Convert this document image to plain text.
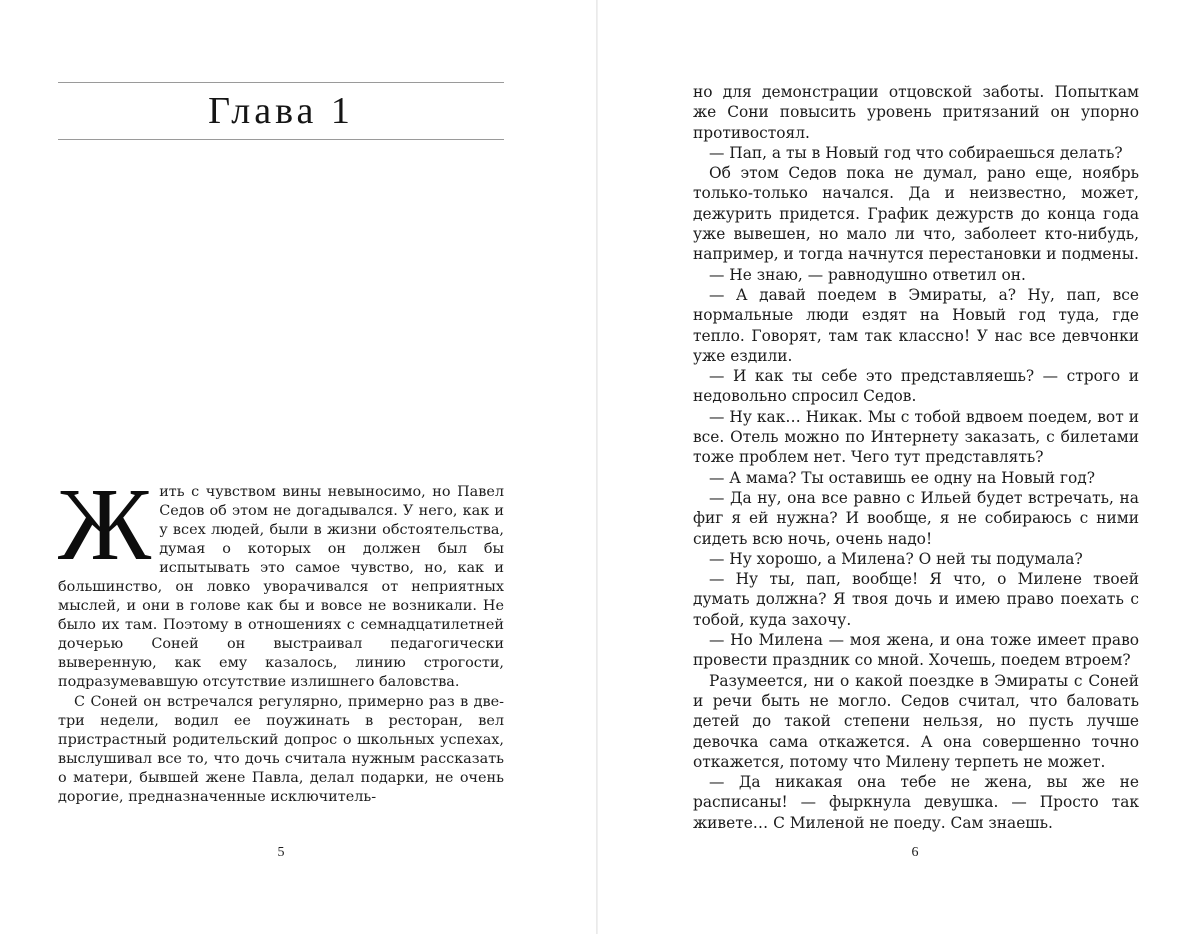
Глава 1

Жить с чувством вины невыносимо, но Павел Седов об этом не догадывался. У него, как и у всех людей, были в жизни обстоятельства, думая о которых он должен был бы испытывать это самое чувство, но, как и большинство, он ловко уворачивался от неприятных мыслей, и они в голове как бы и вовсе не возникали. Не было их там. Поэтому в отношениях с семнадцатилетней дочерью Соней он выстраивал педагогически выверенную, как ему казалось, линию строгости, подразумевавшую отсутствие излишнего баловства.

С Соней он встречался регулярно, примерно раз в две-три недели, водил ее поужинать в ресторан, вел пристрастный родительский допрос о школьных успехах, выслушивал все то, что дочь считала нужным рассказать о матери, бывшей жене Павла, делал подарки, не очень дорогие, предназначенные исключитель-

5

но для демонстрации отцовской заботы. Попыткам же Сони повысить уровень притязаний он упорно противостоял.

— Пап, а ты в Новый год что собираешься делать?

Об этом Седов пока не думал, рано еще, ноябрь только-только начался. Да и неизвестно, может, дежурить придется. График дежурств до конца года уже вывешен, но мало ли что, заболеет кто-нибудь, например, и тогда начнутся перестановки и подмены.

— Не знаю, — равнодушно ответил он.

— А давай поедем в Эмираты, а? Ну, пап, все нормальные люди ездят на Новый год туда, где тепло. Говорят, там так классно! У нас все девчонки уже ездили.

— И как ты себе это представляешь? — строго и недовольно спросил Седов.

— Ну как… Никак. Мы с тобой вдвоем поедем, вот и все. Отель можно по Интернету заказать, с билетами тоже проблем нет. Чего тут представлять?

— А мама? Ты оставишь ее одну на Новый год?

— Да ну, она все равно с Ильей будет встречать, на фиг я ей нужна? И вообще, я не собираюсь с ними сидеть всю ночь, очень надо!

— Ну хорошо, а Милена? О ней ты подумала?

— Ну ты, пап, вообще! Я что, о Милене твоей думать должна? Я твоя дочь и имею право поехать с тобой, куда захочу.

— Но Милена — моя жена, и она тоже имеет право провести праздник со мной. Хочешь, поедем втроем?

Разумеется, ни о какой поездке в Эмираты с Соней и речи быть не могло. Седов считал, что баловать детей до такой степени нельзя, но пусть лучше девочка сама откажется. А она совершенно точно откажется, потому что Милену терпеть не может.

— Да никакая она тебе не жена, вы же не расписаны! — фыркнула девушка. — Просто так живете… С Миленой не поеду. Сам знаешь.

6
